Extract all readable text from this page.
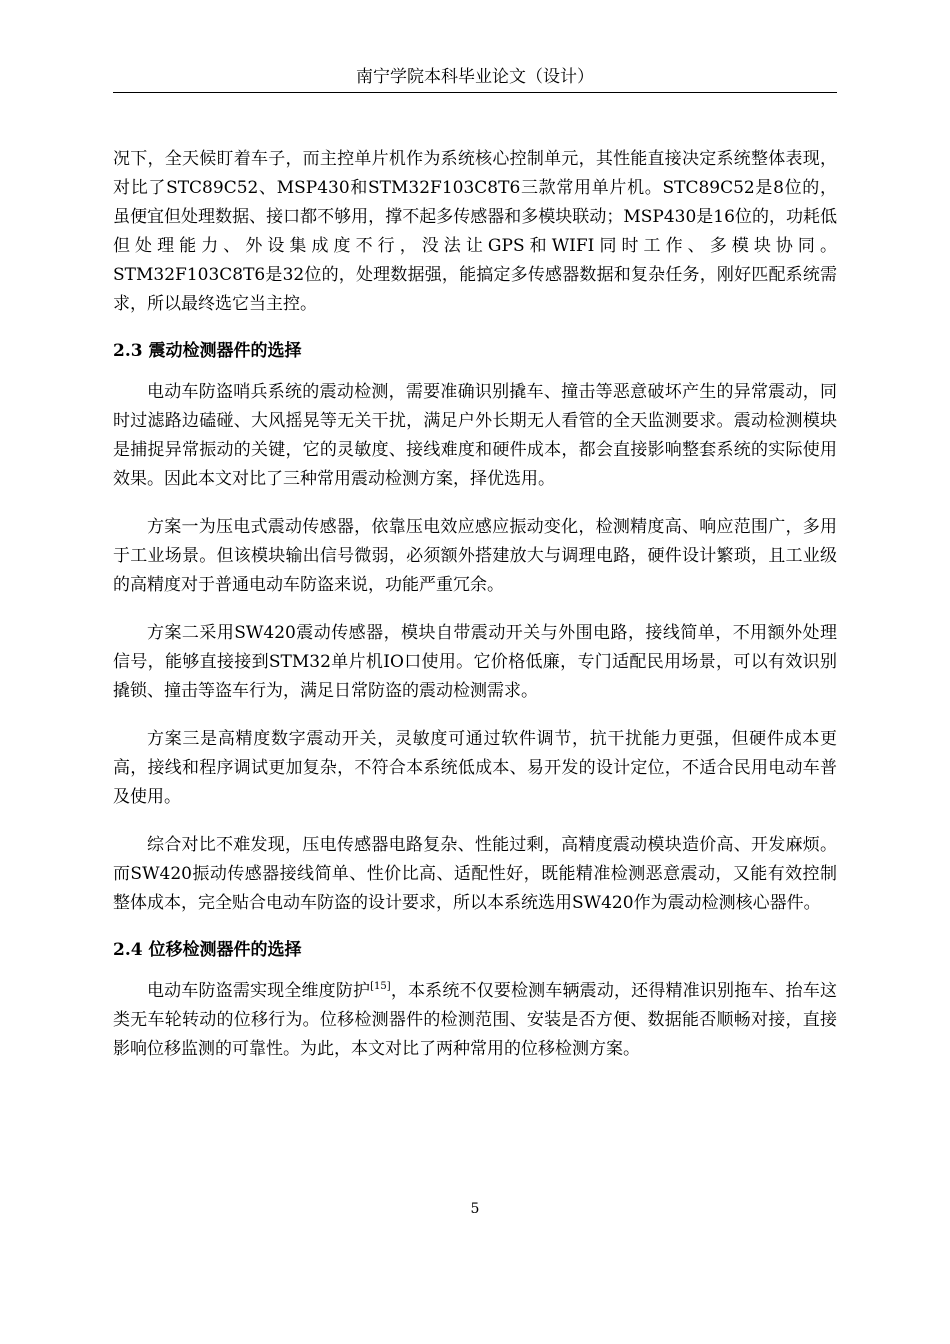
南宁学院本科毕业论文（设计）

况下，全天候盯着车子，而主控单片机作为系统核心控制单元，其性能直接决定系统整体表现，对比了STC89C52、MSP430和STM32F103C8T6三款常用单片机。STC89C52是8位的，虽便宜但处理数据、接口都不够用，撑不起多传感器和多模块联动；MSP430是16位的，功耗低但处理能力、外设集成度不行，没法让GPS和WIFI同时工作、多模块协同。STM32F103C8T6是32位的，处理数据强，能搞定多传感器数据和复杂任务，刚好匹配系统需求，所以最终选它当主控。

2.3 震动检测器件的选择

电动车防盗哨兵系统的震动检测，需要准确识别撬车、撞击等恶意破坏产生的异常震动，同时过滤路边磕碰、大风摇晃等无关干扰，满足户外长期无人看管的全天监测要求。震动检测模块是捕捉异常振动的关键，它的灵敏度、接线难度和硬件成本，都会直接影响整套系统的实际使用效果。因此本文对比了三种常用震动检测方案，择优选用。

方案一为压电式震动传感器，依靠压电效应感应振动变化，检测精度高、响应范围广，多用于工业场景。但该模块输出信号微弱，必须额外搭建放大与调理电路，硬件设计繁琐，且工业级的高精度对于普通电动车防盗来说，功能严重冗余。

方案二采用SW420震动传感器，模块自带震动开关与外围电路，接线简单，不用额外处理信号，能够直接接到STM32单片机IO口使用。它价格低廉，专门适配民用场景，可以有效识别撬锁、撞击等盗车行为，满足日常防盗的震动检测需求。

方案三是高精度数字震动开关，灵敏度可通过软件调节，抗干扰能力更强，但硬件成本更高，接线和程序调试更加复杂，不符合本系统低成本、易开发的设计定位，不适合民用电动车普及使用。

综合对比不难发现，压电传感器电路复杂、性能过剩，高精度震动模块造价高、开发麻烦。而SW420振动传感器接线简单、性价比高、适配性好，既能精准检测恶意震动，又能有效控制整体成本，完全贴合电动车防盗的设计要求，所以本系统选用SW420作为震动检测核心器件。

2.4 位移检测器件的选择

电动车防盗需实现全维度防护[15]，本系统不仅要检测车辆震动，还得精准识别拖车、抬车这类无车轮转动的位移行为。位移检测器件的检测范围、安装是否方便、数据能否顺畅对接，直接影响位移监测的可靠性。为此，本文对比了两种常用的位移检测方案。

5
